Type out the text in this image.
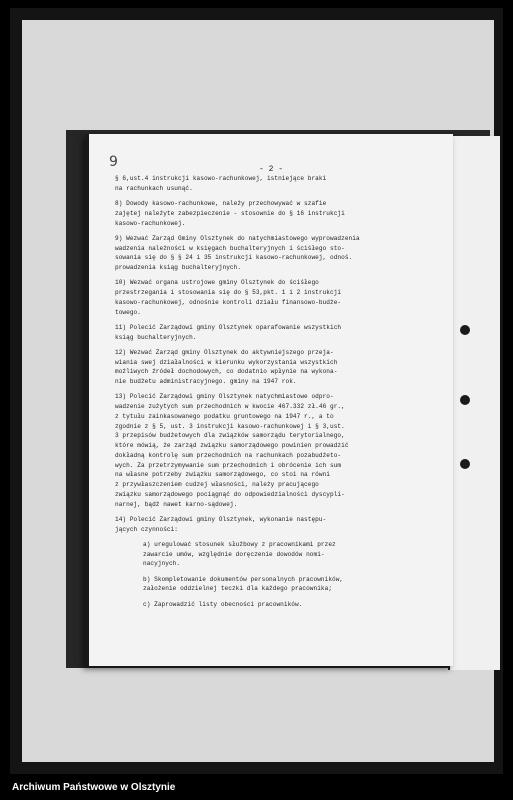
9	- 2 -
§ 6,ust.4 instrukcji kasowo-rachunkowej, istniejące braki
na rachunkach usunąć.
8) Dowody kasowo-rachunkowe, należy przechowywać w szafie
zajętej należyte zabezpieczenie - stosownie do § 16 instrukcji
kasowo-rachunkowej.
9) Wezwać Zarząd Gminy Olsztynek do natychmiastowego wyprowadzenia
wadzenia należności w księgach buchalteryjnych i ściśłego sto-
sowania się do § § 24 i 35 instrukcji kasowo-rachunkowej, odnoś.
prowadzenia ksiąg buchalteryjnych.
10) Wezwać organa ustrojowe gminy Olsztynek do ściśłego
przestrzegania i stosowania się do § 53,pkt. 1 i 2 instrukcji
kasowo-rachunkowej, odnośnie kontroli działu finansowo-budże-
towego.
11) Polecić Zarządowi gminy Olsztynek oparafowanie wszystkich
ksiąg buchalteryjnych.
12) Wezwać Zarząd gminy Olsztynek do aktywniejszego przeja-
wiania swej działalności w kierunku wykorzystania wszystkich
możliwych źródeł dochodowych, co dodatnio wpłynie na wykona-
nie budżetu administracyjnego. gminy na 1947 rok.
13) Polecić Zarządowi gminy Olsztynek natychmiastowe odpro-
wadzenie zużytych sum przechodnich w kwocie 467.332 zł.46 gr.,
z tytułu zainkasowanego podatku gruntowego na 1947 r., a to
zgodnie z § 5, ust. 3 instrukcji kasowo-rachunkowej i § 3,ust.
3 przepisów budżetowych dla związków samorządu terytorialnego,
które mówią, że zarząd związku samorządowego powinien prowadzić
dokładną kontrolę sum przechodnich na rachunkach pozabudżeto-
wych. Za przetrzymywanie sum przechodnich i obrócenie ich sum
na własne potrzeby związku samorządowego, co stoi na równi
z przywłaszczeniem cudzej własności, należy pracującego
związku samorządowego pociągnąć do odpowiedzialności dyscypli-
narnej, bądź nawet karno-sądowej.
14) Polecić Zarządowi gminy Olsztynek, wykonanie następu-
jących czynności:
a) uregulować stosunek służbowy z pracownikami przez
zawarcie umów, względnie doręczenie dowodów nomi-
nacyjnych.
b) Skompletowanie dokumentów personalnych pracowników,
założenie oddzielnej teczki dla każdego pracownika;
c) Zaprowadzić listy obecności pracowników.
Archiwum Państwowe w Olsztynie
